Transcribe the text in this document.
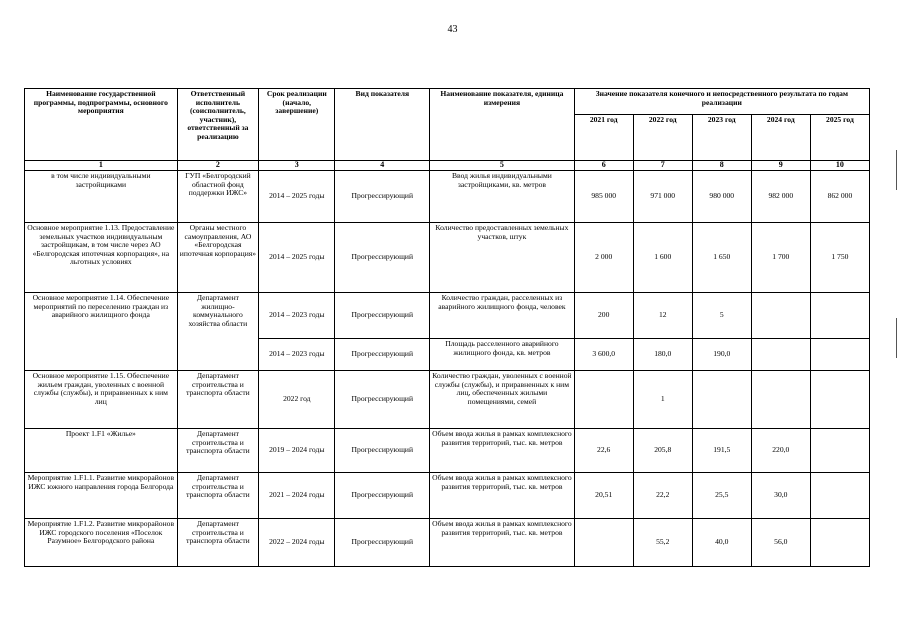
43
Наименование государственной программы, подпрограммы, основного мероприятия	Ответственный исполнитель (соисполнитель, участник), ответственный за реализацию	Срок реализации (начало, завершение)	Вид показателя	Наименование показателя, единица измерения	Значение показателя конечного и непосредственного результата по годам реализации				
					2021 год	2022 год	2023 год	2024 год	2025 год
1	2	3	4	5	6	7	8	9	10
в том числе индивидуальными застройщиками	ГУП «Белгородский областной фонд поддержки ИЖС»	2014 – 2025 годы	Прогрессирующий	Ввод жилья индивидуальными застройщиками, кв. метров	985 000	971 000	980 000	982 000	862 000
Основное мероприятие 1.13. Предоставление земельных участков индивидуальным застройщикам, в том числе через АО «Белгородская ипотечная корпорация», на льготных условиях	Органы местного самоуправления, АО «Белгородская ипотечная корпорация»	2014 – 2025 годы	Прогрессирующий	Количество предоставленных земельных участков, штук	2 000	1 600	1 650	1 700	1 750
Основное мероприятие 1.14. Обеспечение мероприятий по переселению граждан из аварийного жилищного фонда	Департамент жилищно-коммунального хозяйства области	2014 – 2023 годы	Прогрессирующий	Количество граждан, расселенных из аварийного жилищного фонда, человек	200	12	5		
		2014 – 2023 годы	Прогрессирующий	Площадь расселенного аварийного жилищного фонда, кв. метров	3 600,0	180,0	190,0		
Основное мероприятие 1.15. Обеспечение жильем граждан, уволенных с военной службы (службы), и приравненных к ним лиц	Департамент строительства и транспорта области	2022 год	Прогрессирующий	Количество граждан, уволенных с военной службы (службы), и приравненных к ним лиц, обеспеченных жилыми помещениями, семей		1			
Проект 1.F1 «Жилье»	Департамент строительства и транспорта области	2019 – 2024 годы	Прогрессирующий	Объем ввода жилья в рамках комплексного развития территорий, тыс. кв. метров	22,6	205,8	191,5	220,0	
Мероприятие 1.F1.1. Развитие микрорайонов ИЖС южного направления города Белгорода	Департамент строительства и транспорта области	2021 – 2024 годы	Прогрессирующий	Объем ввода жилья в рамках комплексного развития территорий, тыс. кв. метров	20,51	22,2	25,5	30,0	
Мероприятие 1.F1.2. Развитие микрорайонов ИЖС городского поселения «Поселок Разумное» Белгородского района	Департамент строительства и транспорта области	2022 – 2024 годы	Прогрессирующий	Объем ввода жилья в рамках комплексного развития территорий, тыс. кв. метров		55,2	40,0	56,0	
